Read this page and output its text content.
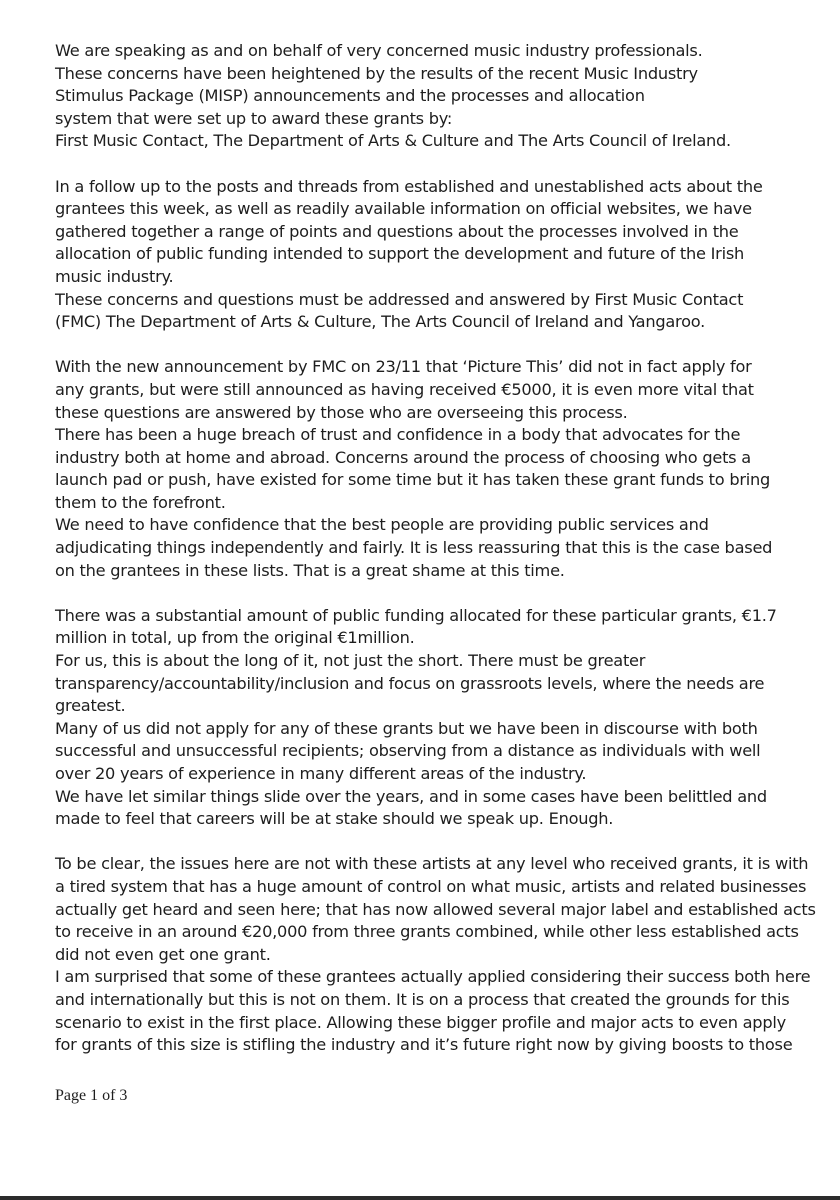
We are speaking as and on behalf of very concerned music industry professionals.
These concerns have been heightened by the results of the recent Music Industry
Stimulus Package (MISP) announcements and the processes and allocation
system that were set up to award these grants by:
First Music Contact, The Department of Arts & Culture and The Arts Council of Ireland.

In a follow up to the posts and threads from established and unestablished acts about the
grantees this week, as well as readily available information on official websites, we have
gathered together a range of points and questions about the processes involved in the
allocation of public funding intended to support the development and future of the Irish
music industry.
These concerns and questions must be addressed and answered by First Music Contact
(FMC) The Department of Arts & Culture, The Arts Council of Ireland and Yangaroo.

With the new announcement by FMC on 23/11 that ‘Picture This’ did not in fact apply for
any grants, but were still announced as having received €5000, it is even more vital that
these questions are answered by those who are overseeing this process.
There has been a huge breach of trust and confidence in a body that advocates for the
industry both at home and abroad. Concerns around the process of choosing who gets a
launch pad or push, have existed for some time but it has taken these grant funds to bring
them to the forefront.
We need to have confidence that the best people are providing public services and
adjudicating things independently and fairly. It is less reassuring that this is the case based
on the grantees in these lists. That is a great shame at this time.

There was a substantial amount of public funding allocated for these particular grants, €1.7
million in total, up from the original €1million.
For us, this is about the long of it, not just the short. There must be greater
transparency/accountability/inclusion and focus on grassroots levels, where the needs are
greatest.
Many of us did not apply for any of these grants but we have been in discourse with both
successful and unsuccessful recipients; observing from a distance as individuals with well
over 20 years of experience in many different areas of the industry.
We have let similar things slide over the years, and in some cases have been belittled and
made to feel that careers will be at stake should we speak up. Enough.

To be clear, the issues here are not with these artists at any level who received grants, it is with
a tired system that has a huge amount of control on what music, artists and related businesses
actually get heard and seen here; that has now allowed several major label and established acts
to receive in an around €20,000 from three grants combined, while other less established acts
did not even get one grant.
I am surprised that some of these grantees actually applied considering their success both here
and internationally but this is not on them. It is on a process that created the grounds for this
scenario to exist in the first place. Allowing these bigger profile and major acts to even apply
for grants of this size is stifling the industry and it’s future right now by giving boosts to those

Page 1 of 3
